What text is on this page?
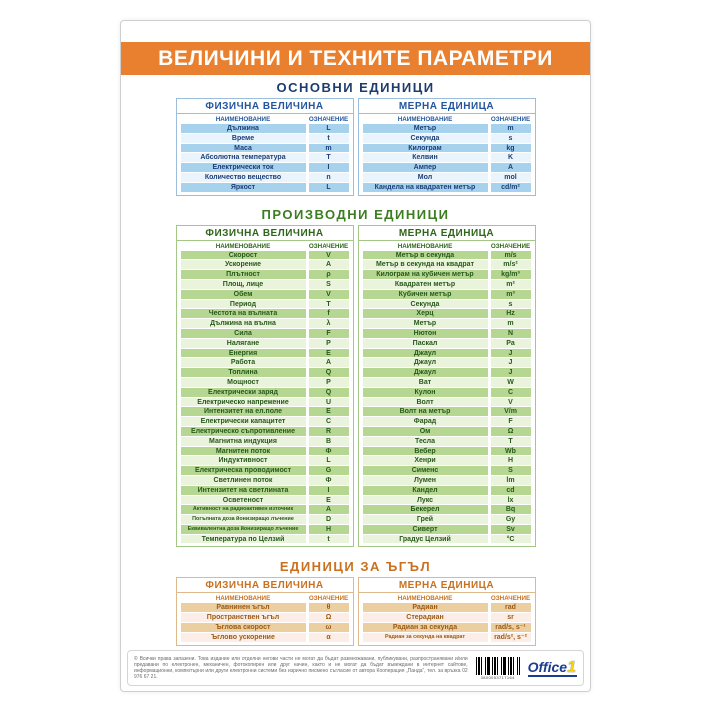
ВЕЛИЧИНИ И ТЕХНИТЕ ПАРАМЕТРИ
ОСНОВНИ ЕДИНИЦИ
ФИЗИЧНА ВЕЛИЧИНА
НАИМЕНОВАНИЕ	ОЗНАЧЕНИЕ
Дължина	L
Време	t
Маса	m
Абсолютна температура	T
Електрически ток	I
Количество вещество	n
Яркост	L
МЕРНА ЕДИНИЦА
НАИМЕНОВАНИЕ	ОЗНАЧЕНИЕ
Метър	m
Секунда	s
Килограм	kg
Келвин	K
Ампер	A
Мол	mol
Кандела на квадратен метър	cd/m²
ПРОИЗВОДНИ ЕДИНИЦИ
ФИЗИЧНА ВЕЛИЧИНА
НАИМЕНОВАНИЕ	ОЗНАЧЕНИЕ
Скорост	V
Ускорение	A
Плътност	ρ
Площ, лице	S
Обем	V
Период	T
Честота на вълната	f
Дължина на вълна	λ
Сила	F
Налягане	P
Енергия	E
Работа	A
Топлина	Q
Мощност	P
Електрически заряд	Q
Електрическо напрежение	U
Интензитет на ел.поле	E
Електрически капацитет	C
Електрическо съпротивление	R
Магнитна индукция	B
Магнитен поток	Ф
Индуктивност	L
Електрическа проводимост	G
Светлинен поток	Ф
Интензитет на светлината	I
Осветеност	E
Активност на радиоактивен източник	A
Погълната доза йонизиращо лъчение	D
Еквивалентна доза йонизиращо лъчение	H
Температура по Целзий	t
МЕРНА ЕДИНИЦА
НАИМЕНОВАНИЕ	ОЗНАЧЕНИЕ
Метър в секунда	m/s
Метър в секунда на квадрат	m/s²
Килограм на кубичен метър	kg/m³
Квадратен метър	m²
Кубичен метър	m³
Секунда	s
Херц	Hz
Метър	m
Нютон	N
Паскал	Pa
Джаул	J
Джаул	J
Джаул	J
Ват	W
Кулон	C
Волт	V
Волт на метър	V/m
Фарад	F
Ом	Ω
Тесла	T
Вебер	Wb
Хенри	H
Сименс	S
Лумен	lm
Кандел	cd
Лукс	lx
Бекерел	Bq
Грей	Gy
Сиверт	Sv
Градус Целзий	°C
ЕДИНИЦИ ЗА ЪГЪЛ
ФИЗИЧНА ВЕЛИЧИНА
НАИМЕНОВАНИЕ	ОЗНАЧЕНИЕ
Равнинен ъгъл	θ
Пространствен ъгъл	Ω
Ъглова скорост	ω
Ъглово ускорение	α
МЕРНА ЕДИНИЦА
НАИМЕНОВАНИЕ	ОЗНАЧЕНИЕ
Радиан	rad
Стерадиан	sr
Радиан за секунда	rad/s, s⁻¹
Радиан за секунда на квадрат	rad/s², s⁻²
© Всички права запазени. Това издание или отделни негови части не могат да бъдат размножавани, публикувани, разпространявани и/или предавани по електронен, механичен, фотокопирен или друг начин, както и не могат да бъдат въвеждани в интернет сайтове, информационни, компютърни или други електронни системи без изрично писмено съгласие от автора Кооперация „Панда“, тел. за връзка 02 976 67 21.	3800053717164
Office1
